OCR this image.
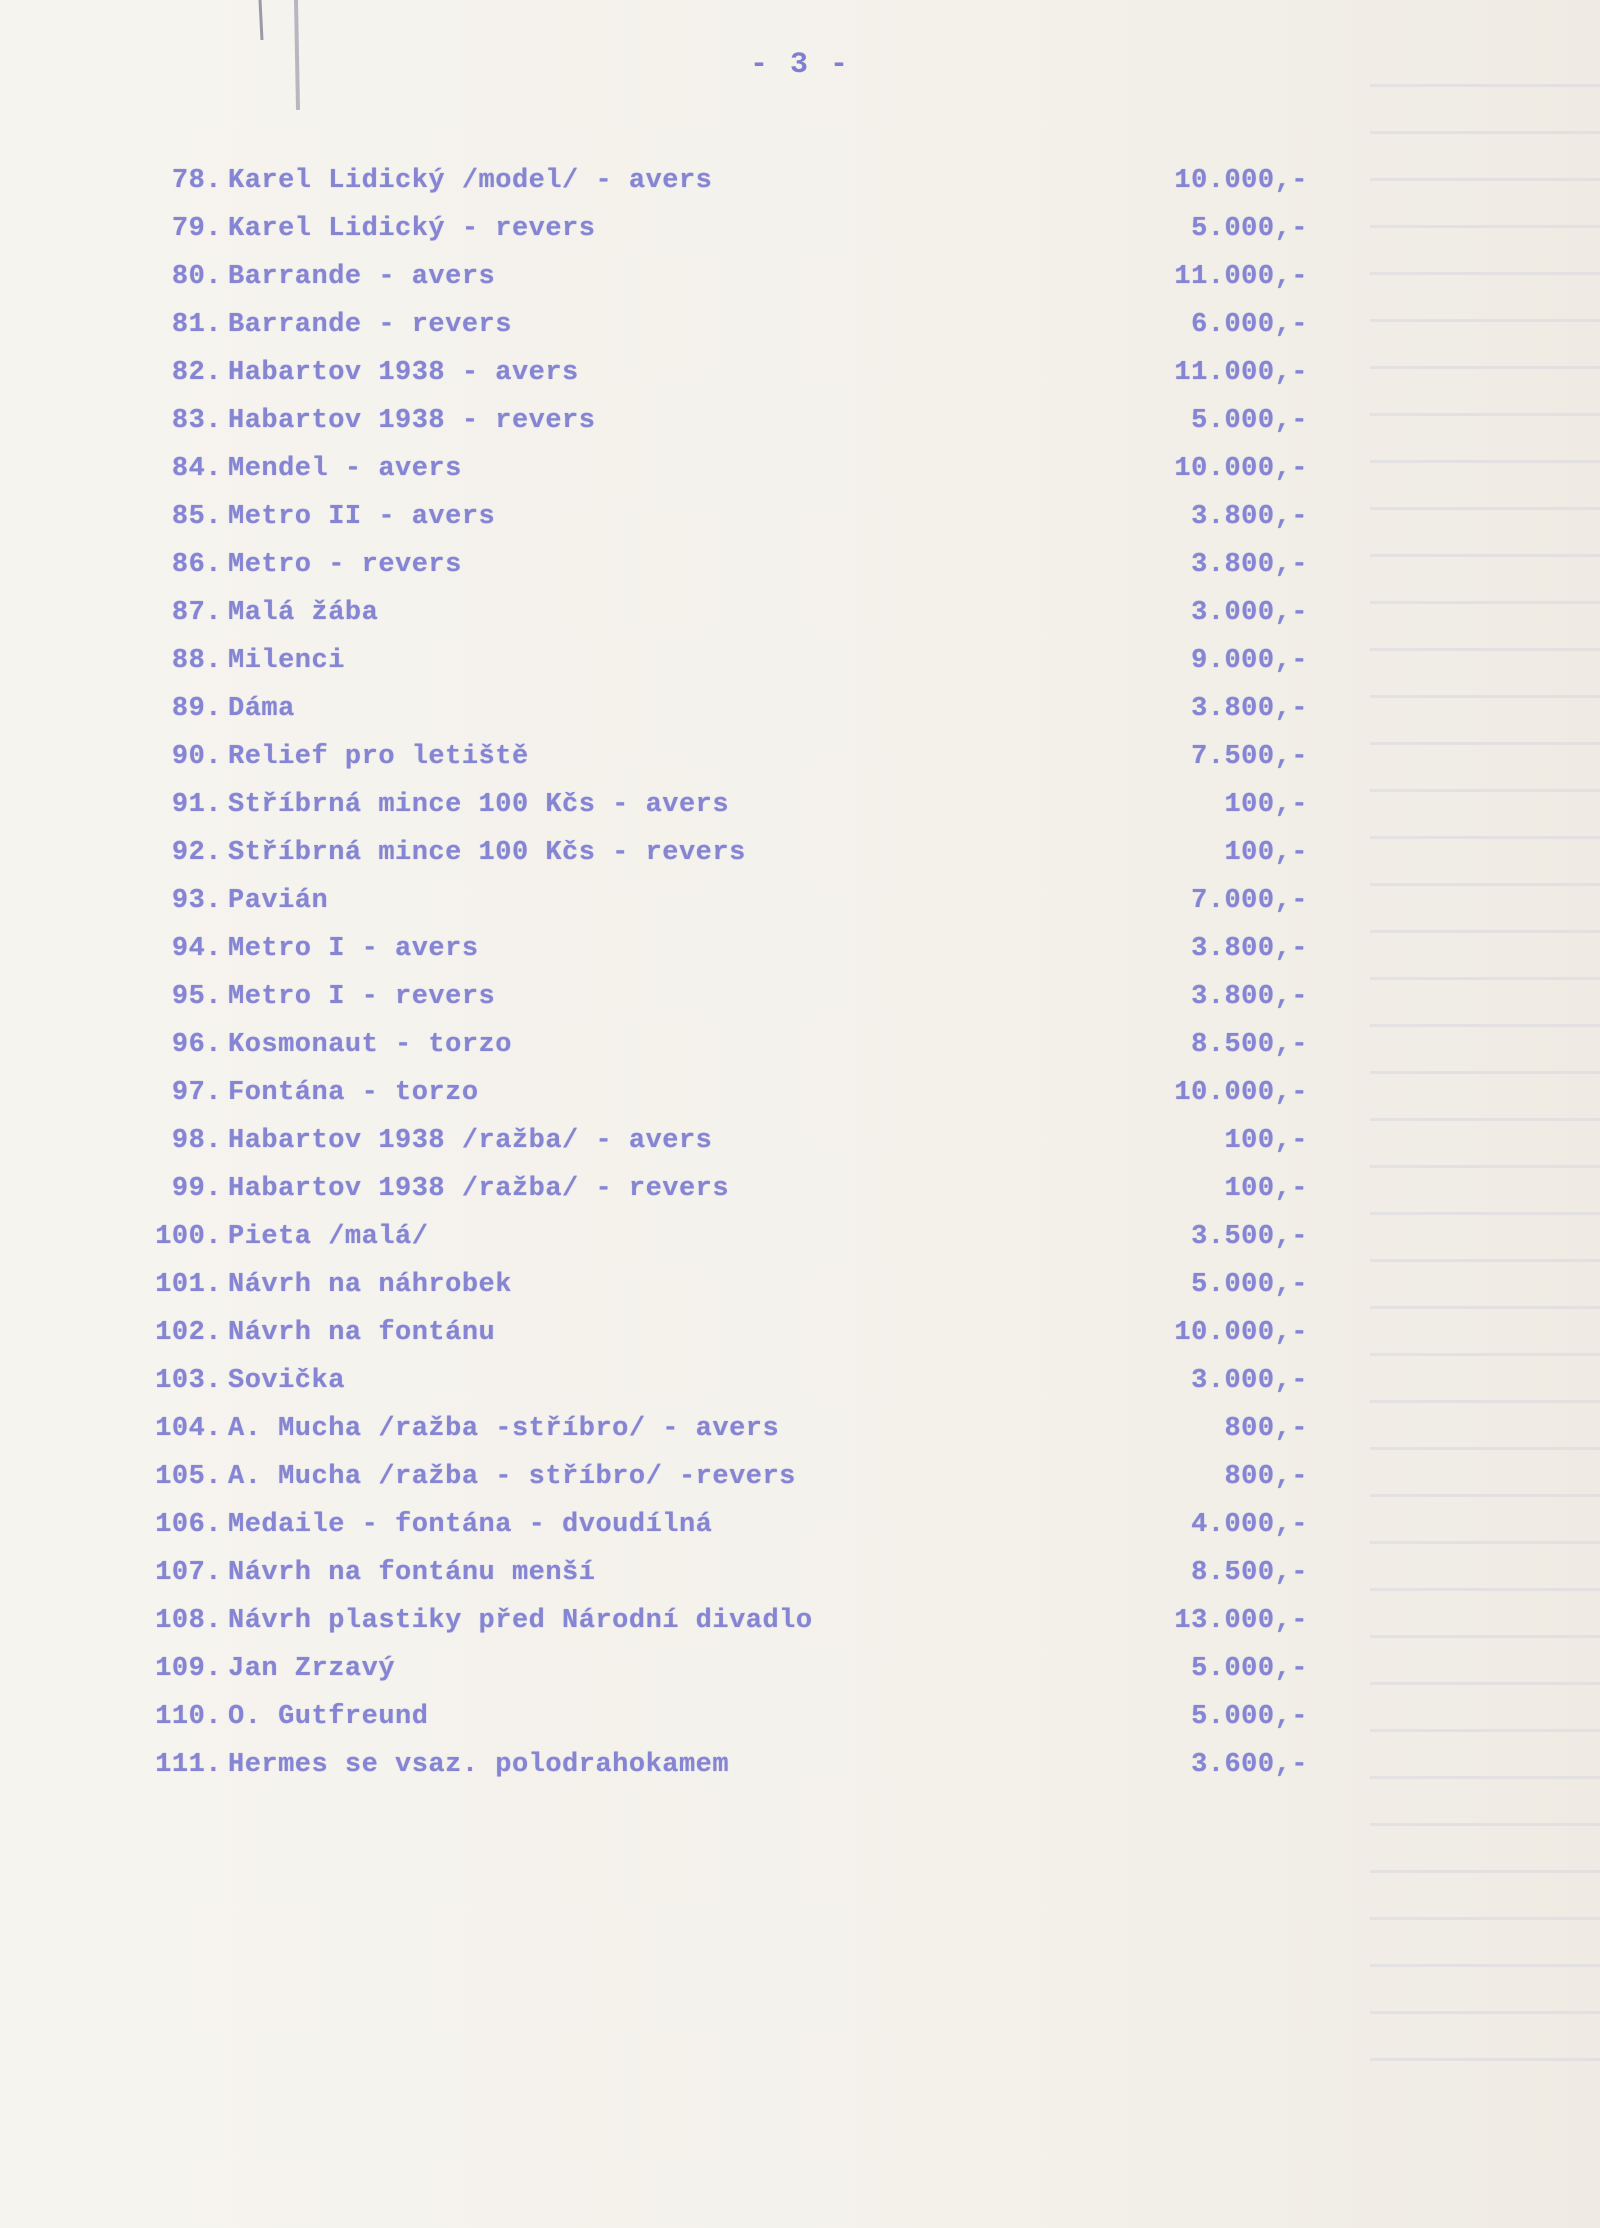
- 3 -
78. Karel Lidický /model/ - avers	10.000,-
79. Karel Lidický - revers	5.000,-
80. Barrande - avers	11.000,-
81. Barrande - revers	6.000,-
82. Habartov 1938 - avers	11.000,-
83. Habartov 1938 - revers	5.000,-
84. Mendel - avers	10.000,-
85. Metro II - avers	3.800,-
86. Metro - revers	3.800,-
87. Malá žába	3.000,-
88. Milenci	9.000,-
89. Dáma	3.800,-
90. Relief pro letiště	7.500,-
91. Stříbrná mince 100 Kčs - avers	100,-
92. Stříbrná mince 100 Kčs - revers	100,-
93. Pavián	7.000,-
94. Metro I - avers	3.800,-
95. Metro I - revers	3.800,-
96. Kosmonaut - torzo	8.500,-
97. Fontána - torzo	10.000,-
98. Habartov 1938 /ražba/ - avers	100,-
99. Habartov 1938 /ražba/ - revers	100,-
100. Pieta /malá/	3.500,-
101. Návrh na náhrobek	5.000,-
102. Návrh na fontánu	10.000,-
103. Sovička	3.000,-
104. A. Mucha /ražba -stříbro/ - avers	800,-
105. A. Mucha /ražba - stříbro/ -revers	800,-
106. Medaile - fontána - dvoudílná	4.000,-
107. Návrh na fontánu menší	8.500,-
108. Návrh plastiky před Národní divadlo	13.000,-
109. Jan Zrzavý	5.000,-
110. O. Gutfreund	5.000,-
111. Hermes se vsaz. polodrahokamem	3.600,-
